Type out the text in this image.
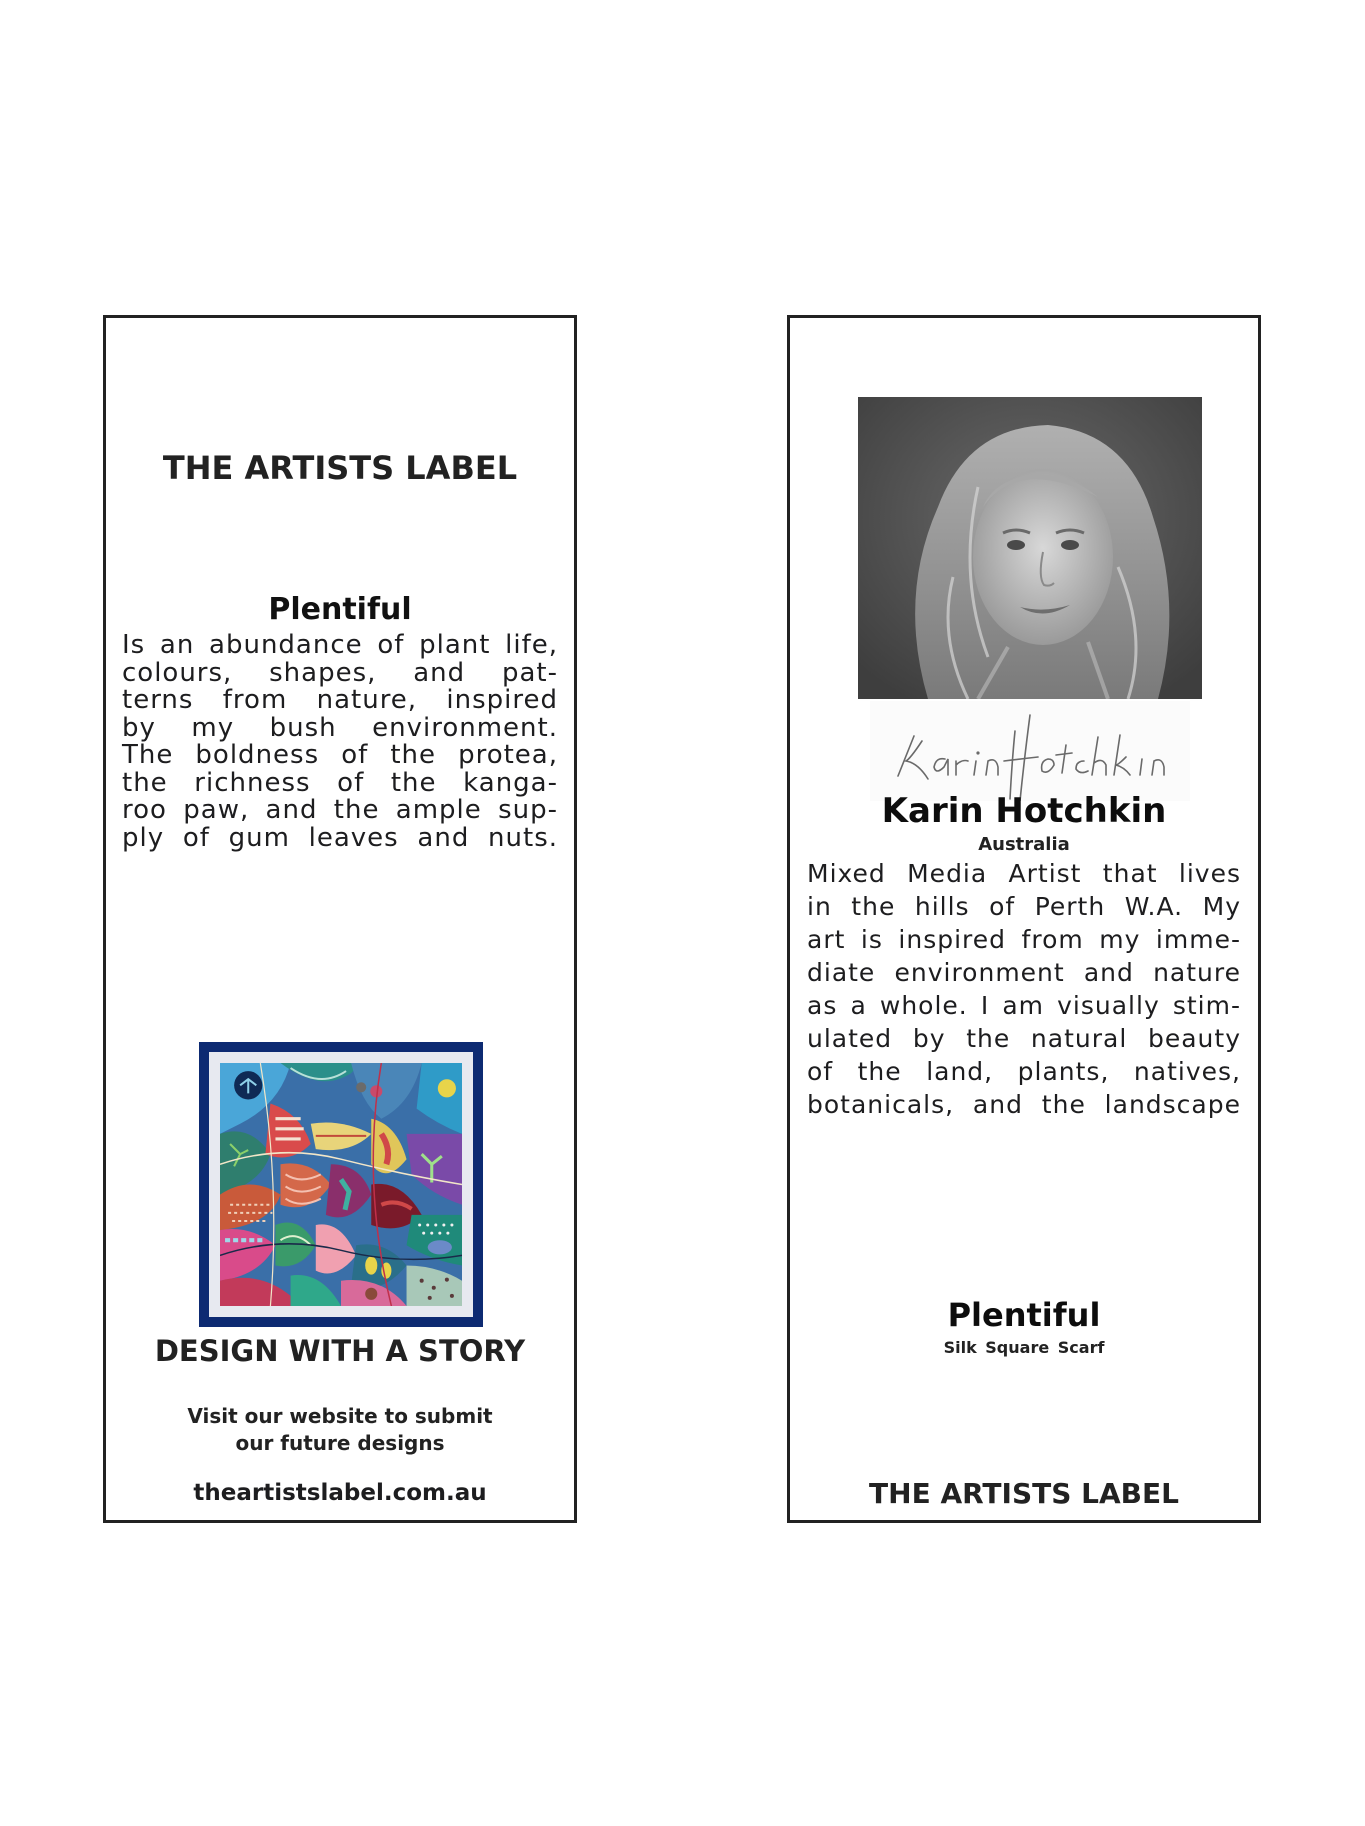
THE ARTISTS LABEL
Plentiful
Is an abundance of plant life,
colours, shapes, and pat-
terns from nature, inspired
by my bush environment.
The boldness of the protea,
the richness of the kanga-
roo paw, and the ample sup-
ply of gum leaves and nuts.
DESIGN WITH A STORY
Visit our website to submit
our future designs
theartistslabel.com.au
Karin Hotchkin
Australia
Mixed Media Artist that lives
in the hills of Perth W.A. My
art is inspired from my imme-
diate environment and nature
as a whole. I am visually stim-
ulated by the natural beauty
of the land, plants, natives,
botanicals, and the landscape
Plentiful
Silk Square Scarf
THE ARTISTS LABEL
